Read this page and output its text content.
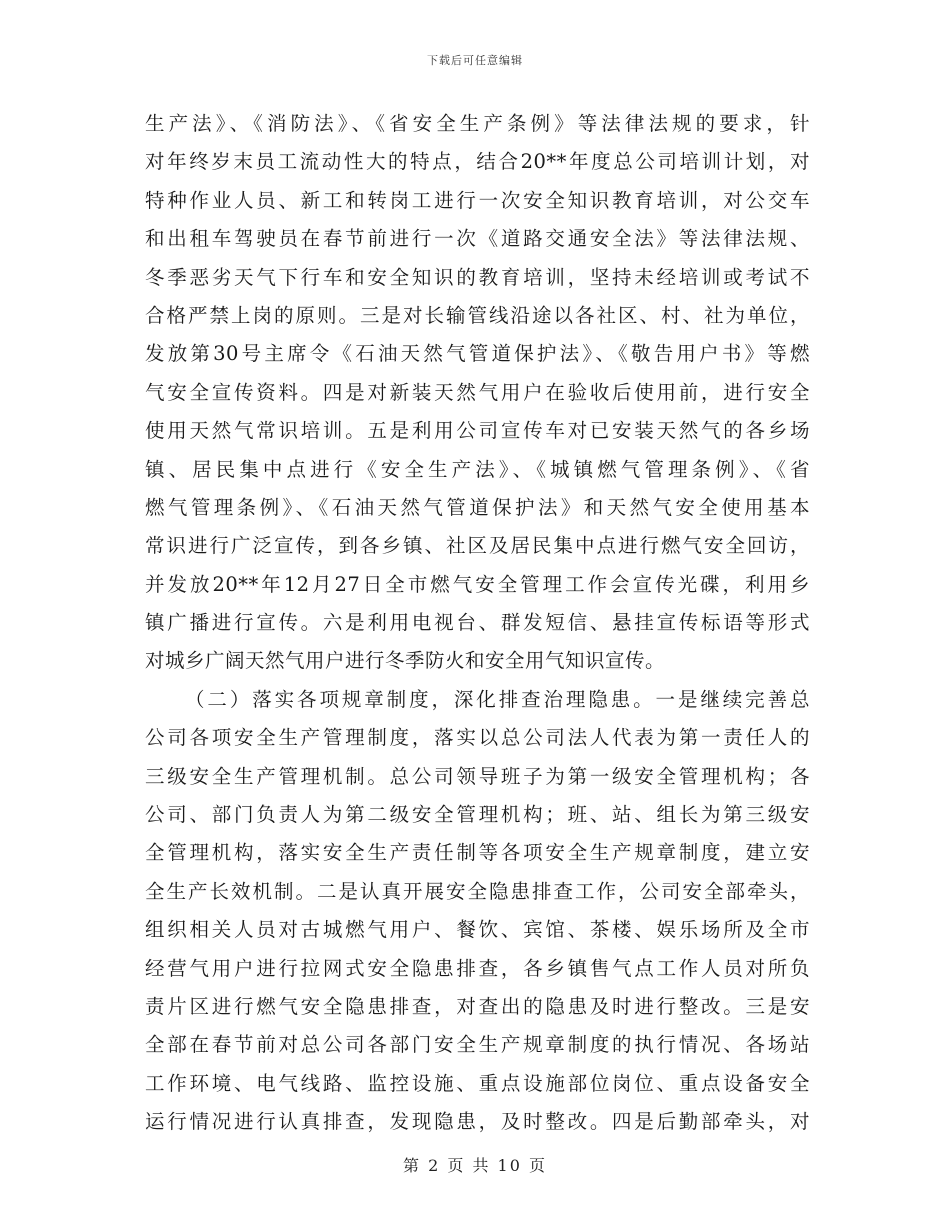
下载后可任意编辑
生产法》、《消防法》、《省安全生产条例》等法律法规的要求，针
对年终岁末员工流动性大的特点，结合20**年度总公司培训计划，对
特种作业人员、新工和转岗工进行一次安全知识教育培训，对公交车
和出租车驾驶员在春节前进行一次《道路交通安全法》等法律法规、
冬季恶劣天气下行车和安全知识的教育培训，坚持未经培训或考试不
合格严禁上岗的原则。三是对长输管线沿途以各社区、村、社为单位，
发放第30号主席令《石油天然气管道保护法》、《敬告用户书》等燃
气安全宣传资料。四是对新装天然气用户在验收后使用前，进行安全
使用天然气常识培训。五是利用公司宣传车对已安装天然气的各乡场
镇、居民集中点进行《安全生产法》、《城镇燃气管理条例》、《省
燃气管理条例》、《石油天然气管道保护法》和天然气安全使用基本
常识进行广泛宣传，到各乡镇、社区及居民集中点进行燃气安全回访，
并发放20**年12月27日全市燃气安全管理工作会宣传光碟，利用乡
镇广播进行宣传。六是利用电视台、群发短信、悬挂宣传标语等形式
对城乡广阔天然气用户进行冬季防火和安全用气知识宣传。
（二）落实各项规章制度，深化排查治理隐患。一是继续完善总
公司各项安全生产管理制度，落实以总公司法人代表为第一责任人的
三级安全生产管理机制。总公司领导班子为第一级安全管理机构；各
公司、部门负责人为第二级安全管理机构；班、站、组长为第三级安
全管理机构，落实安全生产责任制等各项安全生产规章制度，建立安
全生产长效机制。二是认真开展安全隐患排查工作，公司安全部牵头，
组织相关人员对古城燃气用户、餐饮、宾馆、茶楼、娱乐场所及全市
经营气用户进行拉网式安全隐患排查，各乡镇售气点工作人员对所负
责片区进行燃气安全隐患排查，对查出的隐患及时进行整改。三是安
全部在春节前对总公司各部门安全生产规章制度的执行情况、各场站
工作环境、电气线路、监控设施、重点设施部位岗位、重点设备安全
运行情况进行认真排查，发现隐患，及时整改。四是后勤部牵头，对
第 2 页 共 10 页
